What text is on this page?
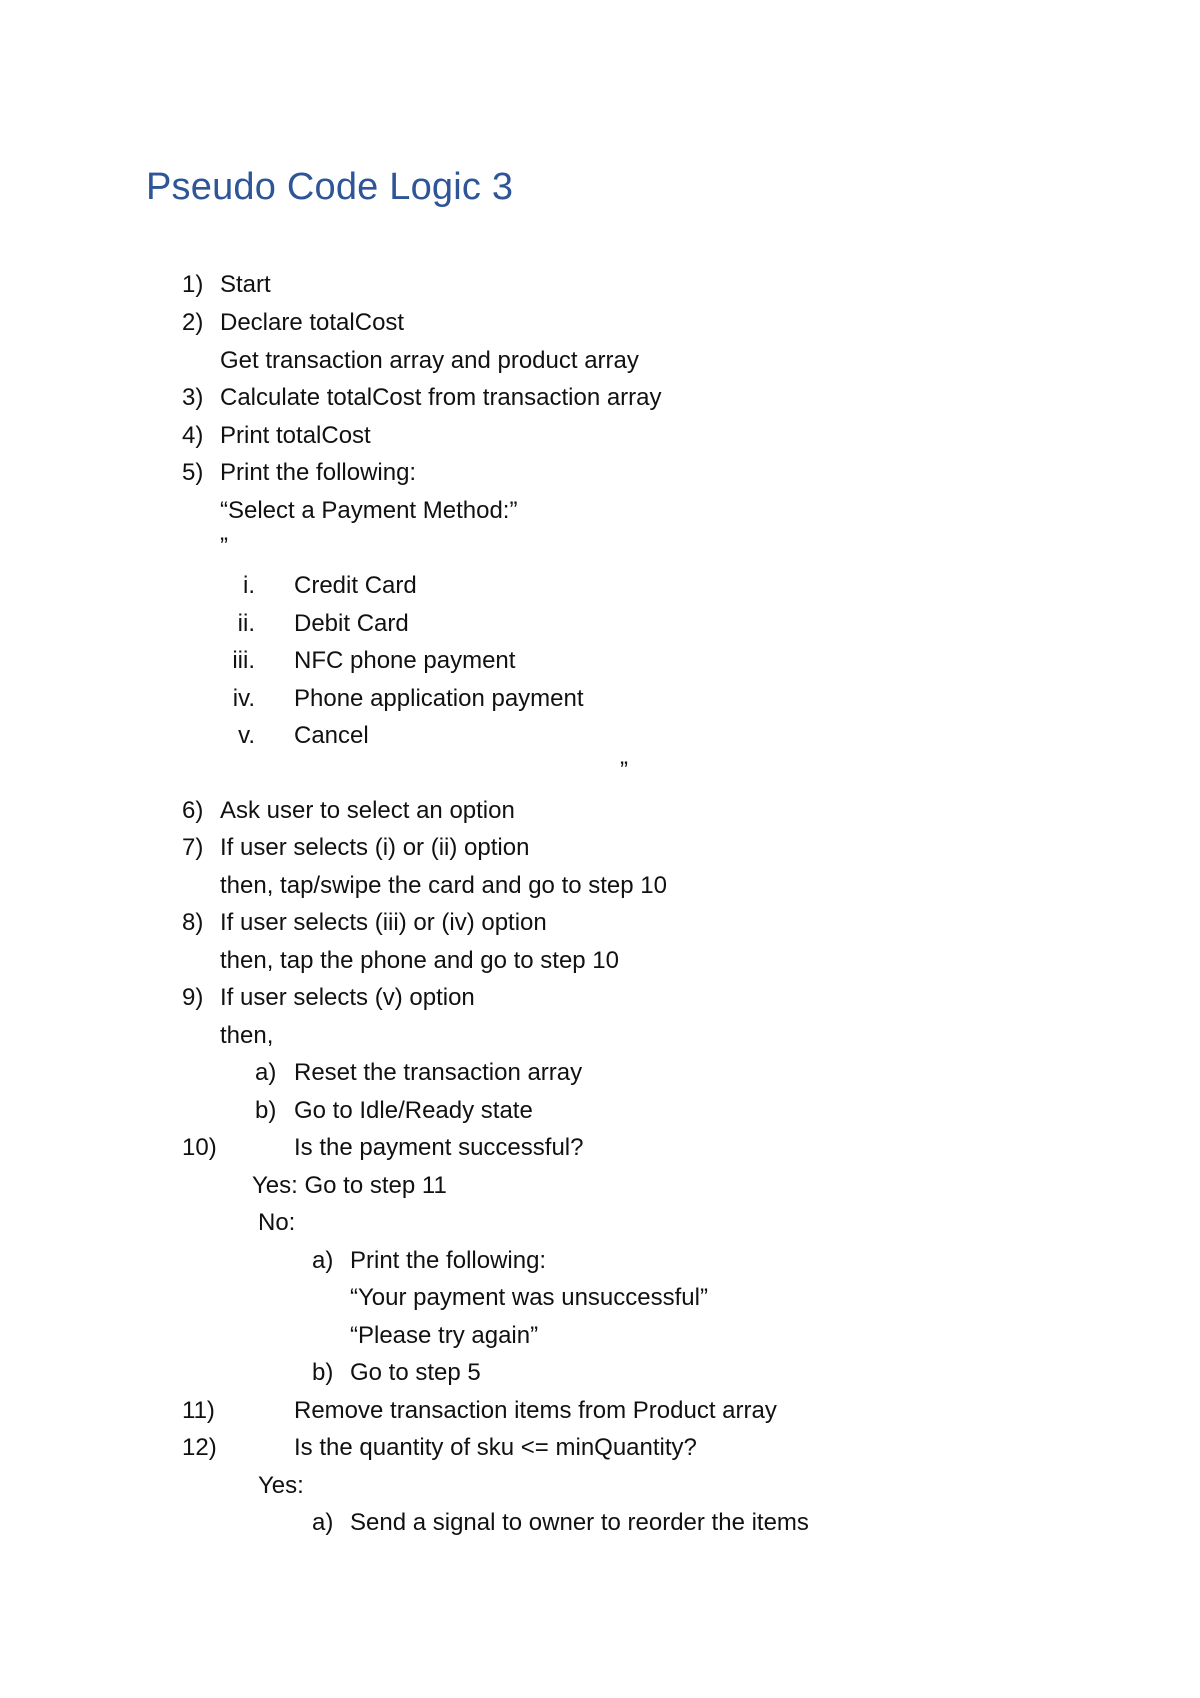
Pseudo Code Logic 3
1) Start
2) Declare totalCost
Get transaction array and product array
3) Calculate totalCost from transaction array
4) Print totalCost
5) Print the following:
“Select a Payment Method:”
”
i. Credit Card
ii. Debit Card
iii. NFC phone payment
iv. Phone application payment
v. Cancel
”
6) Ask user to select an option
7) If user selects (i) or (ii) option
then, tap/swipe the card and go to step 10
8) If user selects (iii) or (iv) option
then, tap the phone and go to step 10
9) If user selects (v) option
then,
a) Reset the transaction array
b) Go to Idle/Ready state
10)	Is the payment successful?
Yes: Go to step 11
No:
a) Print the following:
“Your payment was unsuccessful”
“Please try again”
b) Go to step 5
11)	Remove transaction items from Product array
12)	Is the quantity of sku <= minQuantity?
Yes:
a) Send a signal to owner to reorder the items
